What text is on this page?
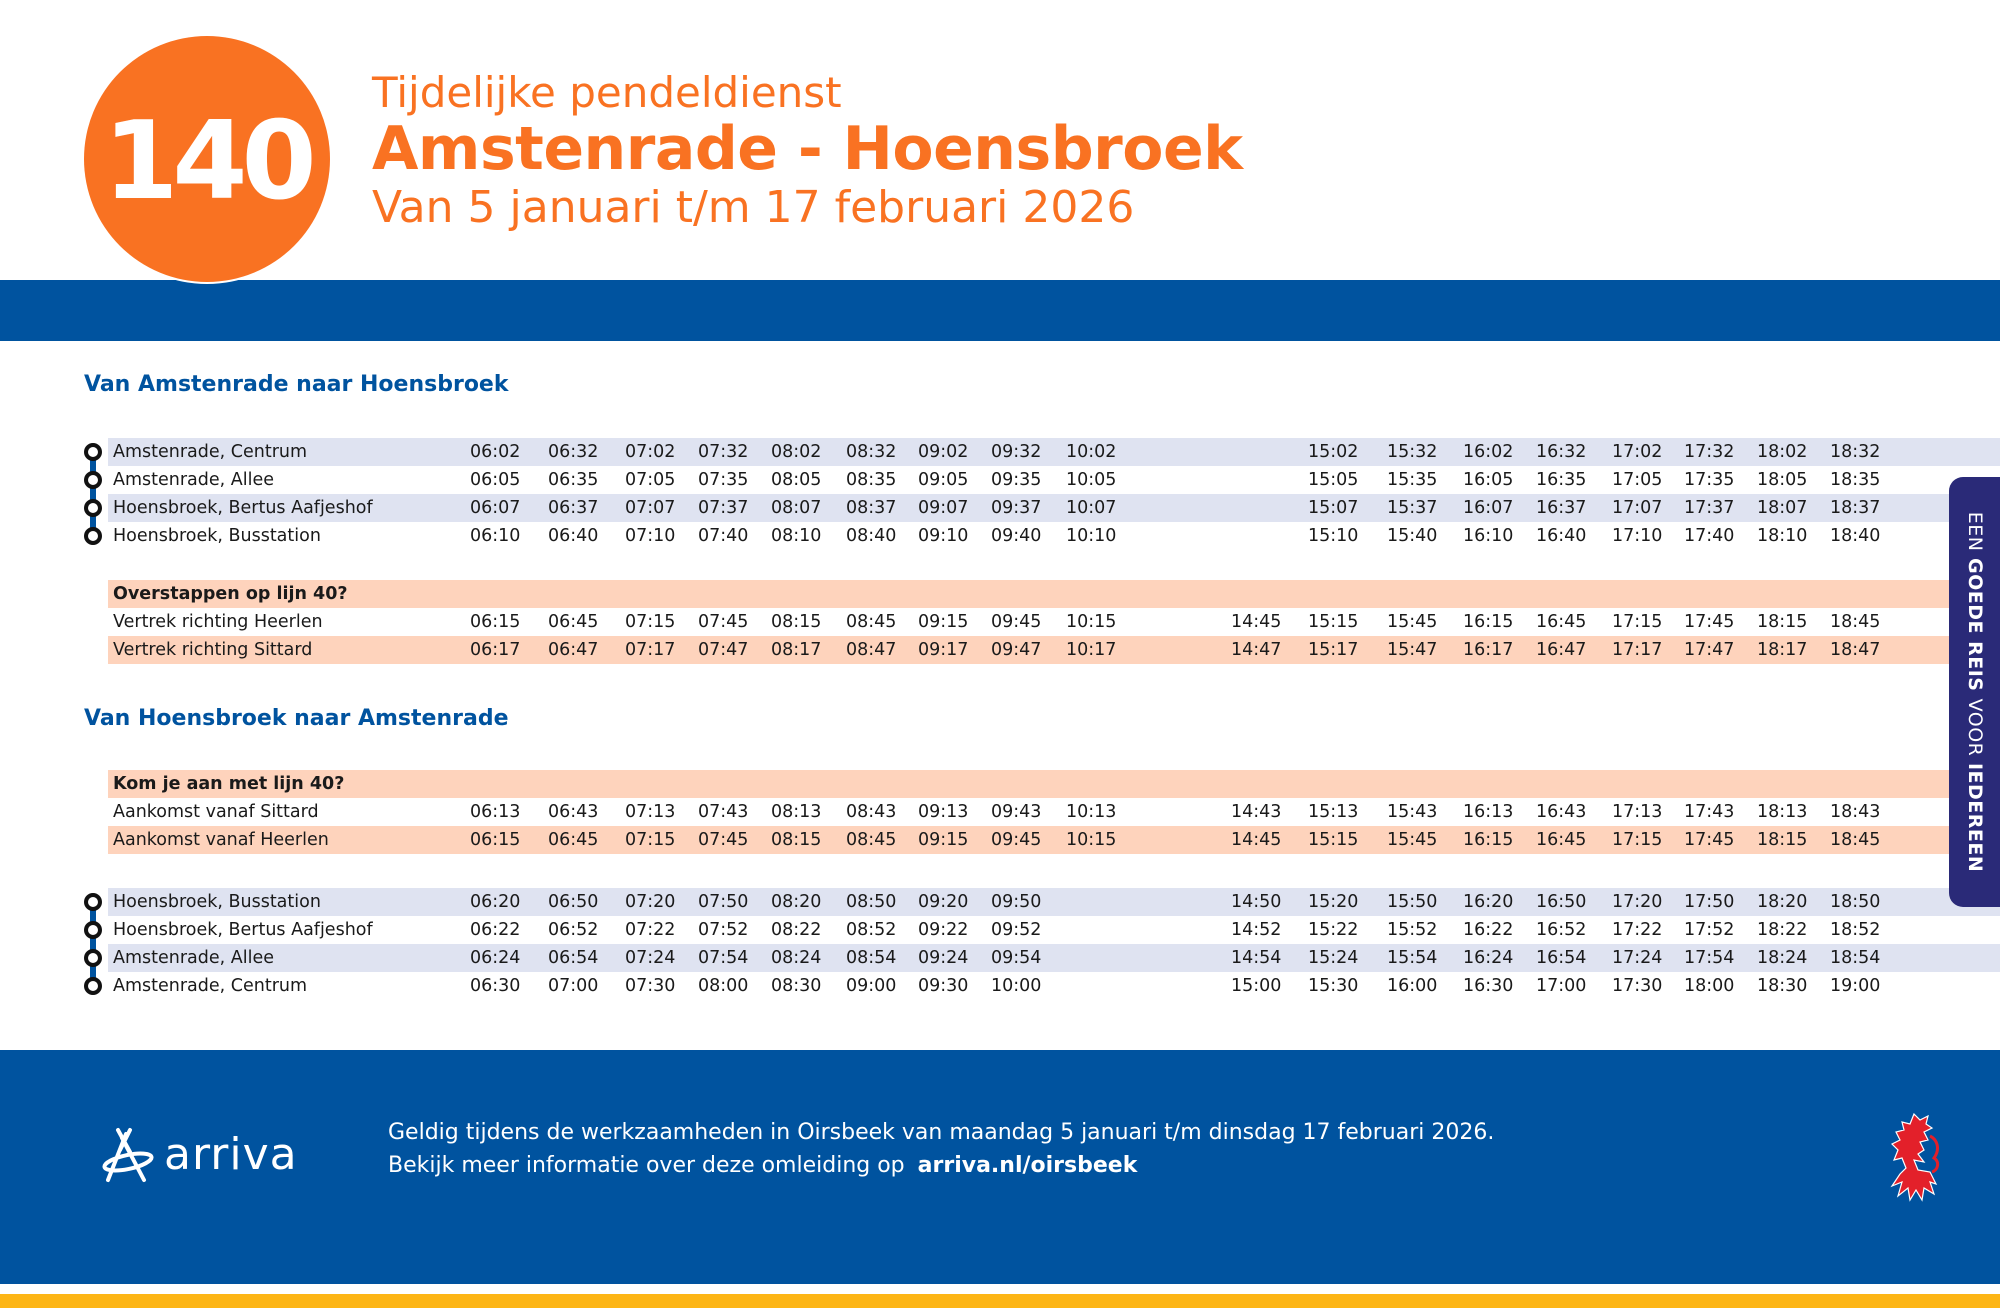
140
Tijdelijke pendeldienst
Amstenrade - Hoensbroek
Van 5 januari t/m 17 februari 2026
Van Amstenrade naar Hoensbroek
Amstenrade, Centrum	06:02 06:32 07:02 07:32 08:02 08:32 09:02 09:32 10:02	15:02 15:32 16:02 16:32 17:02 17:32 18:02 18:32
Amstenrade, Allee	06:05 06:35 07:05 07:35 08:05 08:35 09:05 09:35 10:05	15:05 15:35 16:05 16:35 17:05 17:35 18:05 18:35
Hoensbroek, Bertus Aafjeshof	06:07 06:37 07:07 07:37 08:07 08:37 09:07 09:37 10:07	15:07 15:37 16:07 16:37 17:07 17:37 18:07 18:37
Hoensbroek, Busstation	06:10 06:40 07:10 07:40 08:10 08:40 09:10 09:40 10:10	15:10 15:40 16:10 16:40 17:10 17:40 18:10 18:40
Overstappen op lijn 40?
Vertrek richting Heerlen	06:15 06:45 07:15 07:45 08:15 08:45 09:15 09:45 10:15	14:45 15:15 15:45 16:15 16:45 17:15 17:45 18:15 18:45
Vertrek richting Sittard	06:17 06:47 07:17 07:47 08:17 08:47 09:17 09:47 10:17	14:47 15:17 15:47 16:17 16:47 17:17 17:47 18:17 18:47
Van Hoensbroek naar Amstenrade
Kom je aan met lijn 40?
Aankomst vanaf Sittard	06:13 06:43 07:13 07:43 08:13 08:43 09:13 09:43 10:13	14:43 15:13 15:43 16:13 16:43 17:13 17:43 18:13 18:43
Aankomst vanaf Heerlen	06:15 06:45 07:15 07:45 08:15 08:45 09:15 09:45 10:15	14:45 15:15 15:45 16:15 16:45 17:15 17:45 18:15 18:45
Hoensbroek, Busstation	06:20 06:50 07:20 07:50 08:20 08:50 09:20 09:50	14:50 15:20 15:50 16:20 16:50 17:20 17:50 18:20 18:50
Hoensbroek, Bertus Aafjeshof	06:22 06:52 07:22 07:52 08:22 08:52 09:22 09:52	14:52 15:22 15:52 16:22 16:52 17:22 17:52 18:22 18:52
Amstenrade, Allee	06:24 06:54 07:24 07:54 08:24 08:54 09:24 09:54	14:54 15:24 15:54 16:24 16:54 17:24 17:54 18:24 18:54
Amstenrade, Centrum	06:30 07:00 07:30 08:00 08:30 09:00 09:30 10:00	15:00 15:30 16:00 16:30 17:00 17:30 18:00 18:30 19:00
EEN GOEDE REIS VOOR IEDEREEN
arriva	Geldig tijdens de werkzaamheden in Oirsbeek van maandag 5 januari t/m dinsdag 17 februari 2026.
Bekijk meer informatie over deze omleiding op arriva.nl/oirsbeek
